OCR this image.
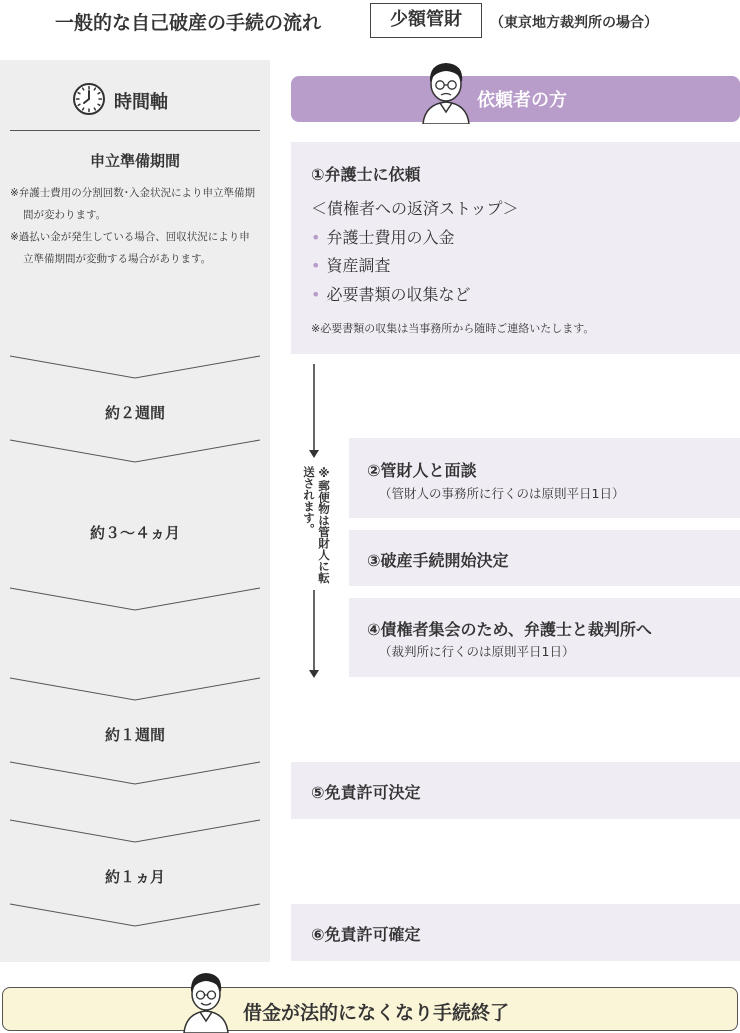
一般的な自己破産の手続の流れ	少額管財	（東京地方裁判所の場合）
時間軸
申立準備期間

※弁護士費用の分割回数･入金状況により申立準備期間が変わります。

※過払い金が発生している場合、回収状況により申立準備期間が変動する場合があります。

約２週間
約３～４ヵ月
約１週間
約１ヵ月
依頼者の方
①弁護士に依頼
＜債権者への返済ストップ＞
• 弁護士費用の入金
• 資産調査
• 必要書類の収集など
※必要書類の収集は当事務所から随時ご連絡いたします。
※郵便物は管財人に転送されます。	②管財人と面談
（管財人の事務所に行くのは原則平日1日）
③破産手続開始決定
④債権者集会のため、弁護士と裁判所へ
（裁判所に行くのは原則平日1日）
⑤免責許可決定
⑥免責許可確定
借金が法的になくなり手続終了
